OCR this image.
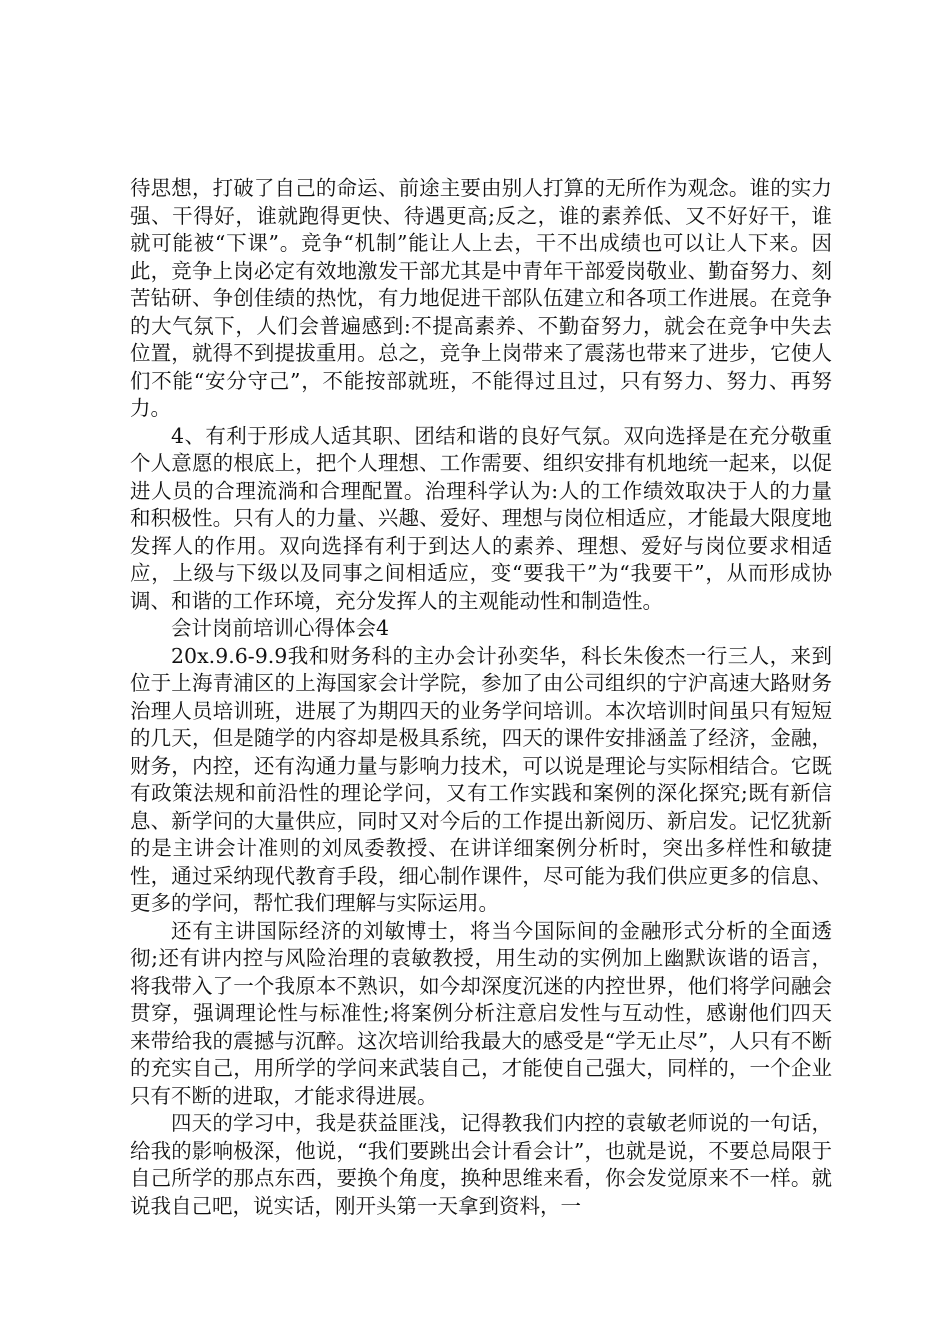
待思想，打破了自己的命运、前途主要由别人打算的无所作为观念。谁的实力强、干得好，谁就跑得更快、待遇更高;反之，谁的素养低、又不好好干，谁就可能被“下课”。竞争“机制”能让人上去，干不出成绩也可以让人下来。因此，竞争上岗必定有效地激发干部尤其是中青年干部爱岗敬业、勤奋努力、刻苦钻研、争创佳绩的热忱，有力地促进干部队伍建立和各项工作进展。在竞争的大气氛下，人们会普遍感到:不提高素养、不勤奋努力，就会在竞争中失去位置，就得不到提拔重用。总之，竞争上岗带来了震荡也带来了进步，它使人们不能“安分守己”，不能按部就班，不能得过且过，只有努力、努力、再努力。

4、有利于形成人适其职、团结和谐的良好气氛。双向选择是在充分敬重个人意愿的根底上，把个人理想、工作需要、组织安排有机地统一起来，以促进人员的合理流淌和合理配置。治理科学认为:人的工作绩效取决于人的力量和积极性。只有人的力量、兴趣、爱好、理想与岗位相适应，才能最大限度地发挥人的作用。双向选择有利于到达人的素养、理想、爱好与岗位要求相适应，上级与下级以及同事之间相适应，变“要我干”为“我要干”，从而形成协调、和谐的工作环境，充分发挥人的主观能动性和制造性。

会计岗前培训心得体会4

20x.9.6-9.9我和财务科的主办会计孙奕华，科长朱俊杰一行三人，来到位于上海青浦区的上海国家会计学院，参加了由公司组织的宁沪高速大路财务治理人员培训班，进展了为期四天的业务学问培训。本次培训时间虽只有短短的几天，但是随学的内容却是极具系统，四天的课件安排涵盖了经济，金融，财务，内控，还有沟通力量与影响力技术，可以说是理论与实际相结合。它既有政策法规和前沿性的理论学问，又有工作实践和案例的深化探究;既有新信息、新学问的大量供应，同时又对今后的工作提出新阅历、新启发。记忆犹新的是主讲会计准则的刘凤委教授、在讲详细案例分析时，突出多样性和敏捷性，通过采纳现代教育手段，细心制作课件，尽可能为我们供应更多的信息、更多的学问，帮忙我们理解与实际运用。

还有主讲国际经济的刘敏博士，将当今国际间的金融形式分析的全面透彻;还有讲内控与风险治理的袁敏教授，用生动的实例加上幽默诙谐的语言，将我带入了一个我原本不熟识，如今却深度沉迷的内控世界，他们将学问融会贯穿，强调理论性与标准性;将案例分析注意启发性与互动性，感谢他们四天来带给我的震撼与沉醉。这次培训给我最大的感受是“学无止尽”，人只有不断的充实自己，用所学的学问来武装自己，才能使自己强大，同样的，一个企业只有不断的进取，才能求得进展。

四天的学习中，我是获益匪浅，记得教我们内控的袁敏老师说的一句话，给我的影响极深，他说，“我们要跳出会计看会计”，也就是说，不要总局限于自己所学的那点东西，要换个角度，换种思维来看，你会发觉原来不一样。就说我自己吧，说实话，刚开头第一天拿到资料，一
